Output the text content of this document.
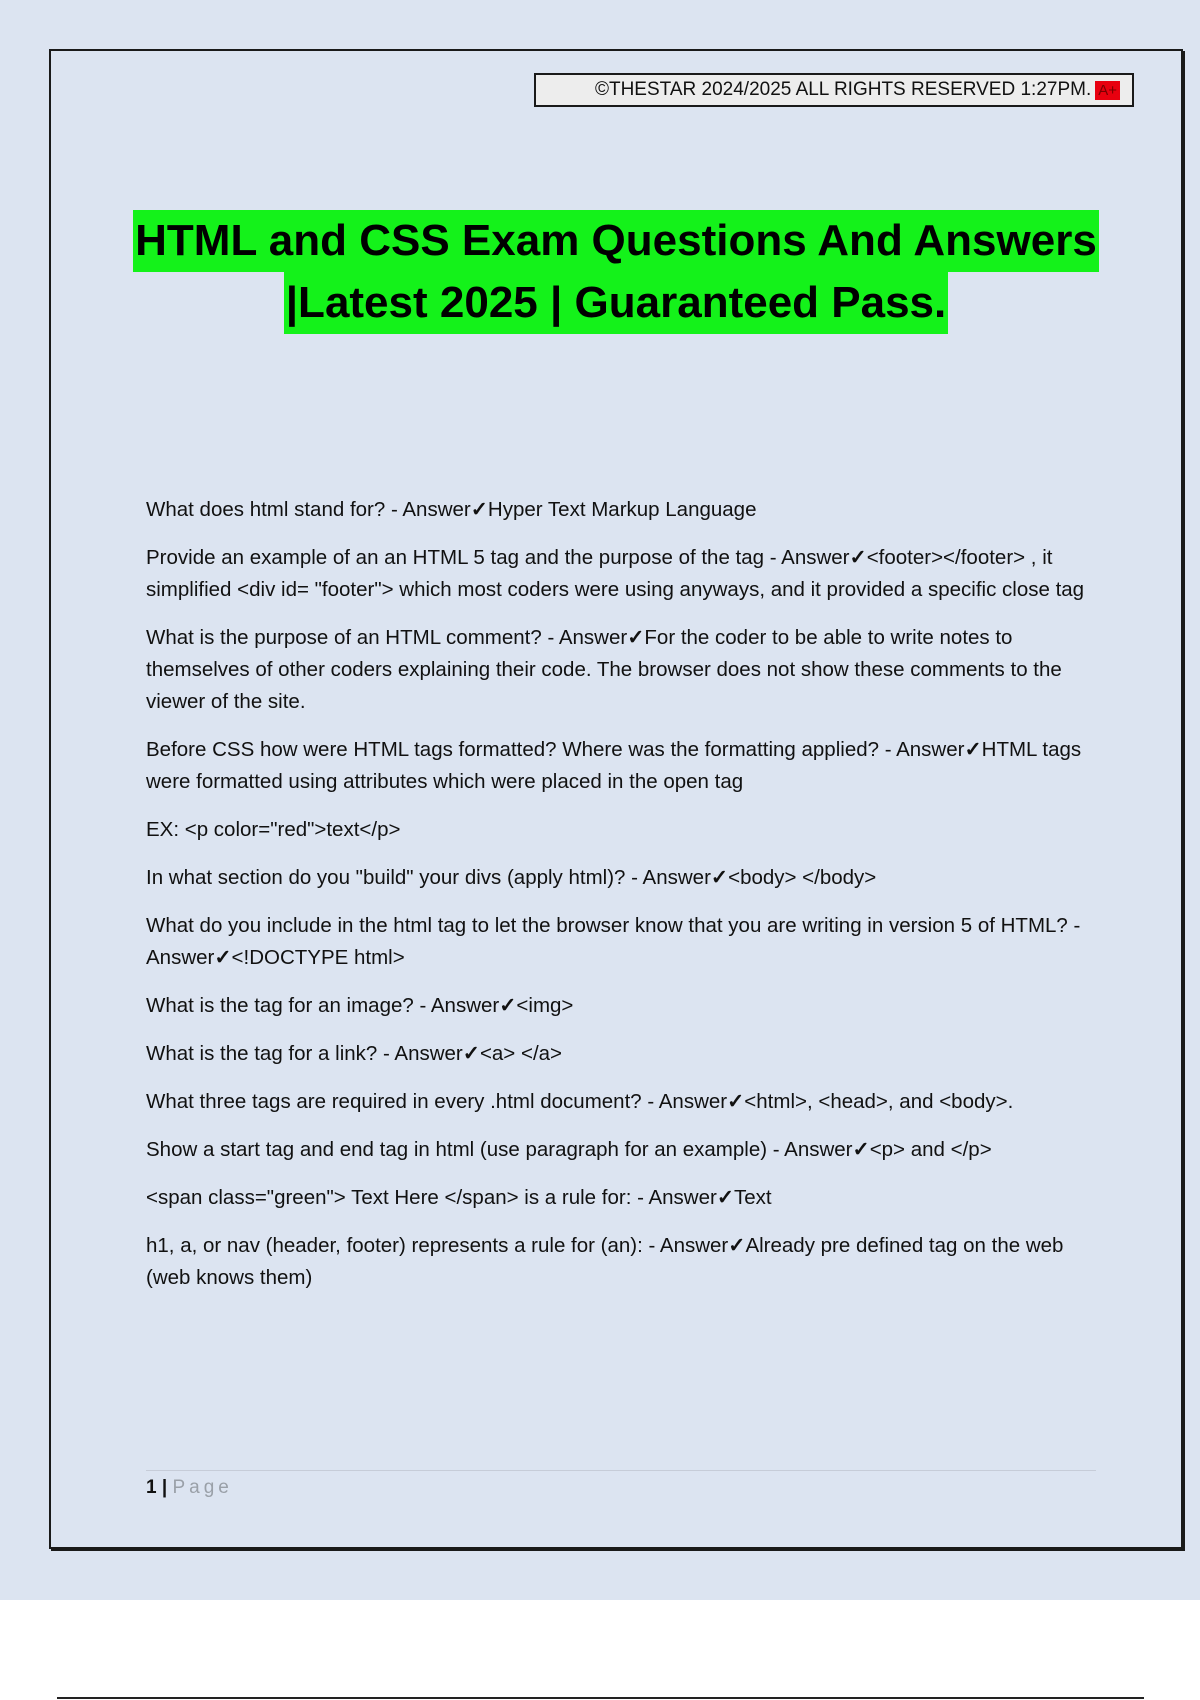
©THESTAR 2024/2025 ALL RIGHTS RESERVED 1:27PM. A+
HTML and CSS Exam Questions And Answers
|Latest 2025 | Guaranteed Pass.

What does html stand for? - Answer✓Hyper Text Markup Language

Provide an example of an an HTML 5 tag and the purpose of the tag - Answer✓<footer></footer> , it simplified <div id= "footer"> which most coders were using anyways, and it provided a specific close tag

What is the purpose of an HTML comment? - Answer✓For the coder to be able to write notes to themselves of other coders explaining their code. The browser does not show these comments to the viewer of the site.

Before CSS how were HTML tags formatted? Where was the formatting applied? - Answer✓HTML tags were formatted using attributes which were placed in the open tag

EX: <p color="red">text</p>

In what section do you "build" your divs (apply html)? - Answer✓<body> </body>

What do you include in the html tag to let the browser know that you are writing in version 5 of HTML? - Answer✓<!DOCTYPE html>

What is the tag for an image? - Answer✓<img>

What is the tag for a link? - Answer✓<a> </a>

What three tags are required in every .html document? - Answer✓<html>, <head>, and <body>.

Show a start tag and end tag in html (use paragraph for an example) - Answer✓<p> and </p>

<span class="green"> Text Here </span> is a rule for: - Answer✓Text

h1, a, or nav (header, footer) represents a rule for (an): - Answer✓Already pre defined tag on the web (web knows them)

1 | Page
